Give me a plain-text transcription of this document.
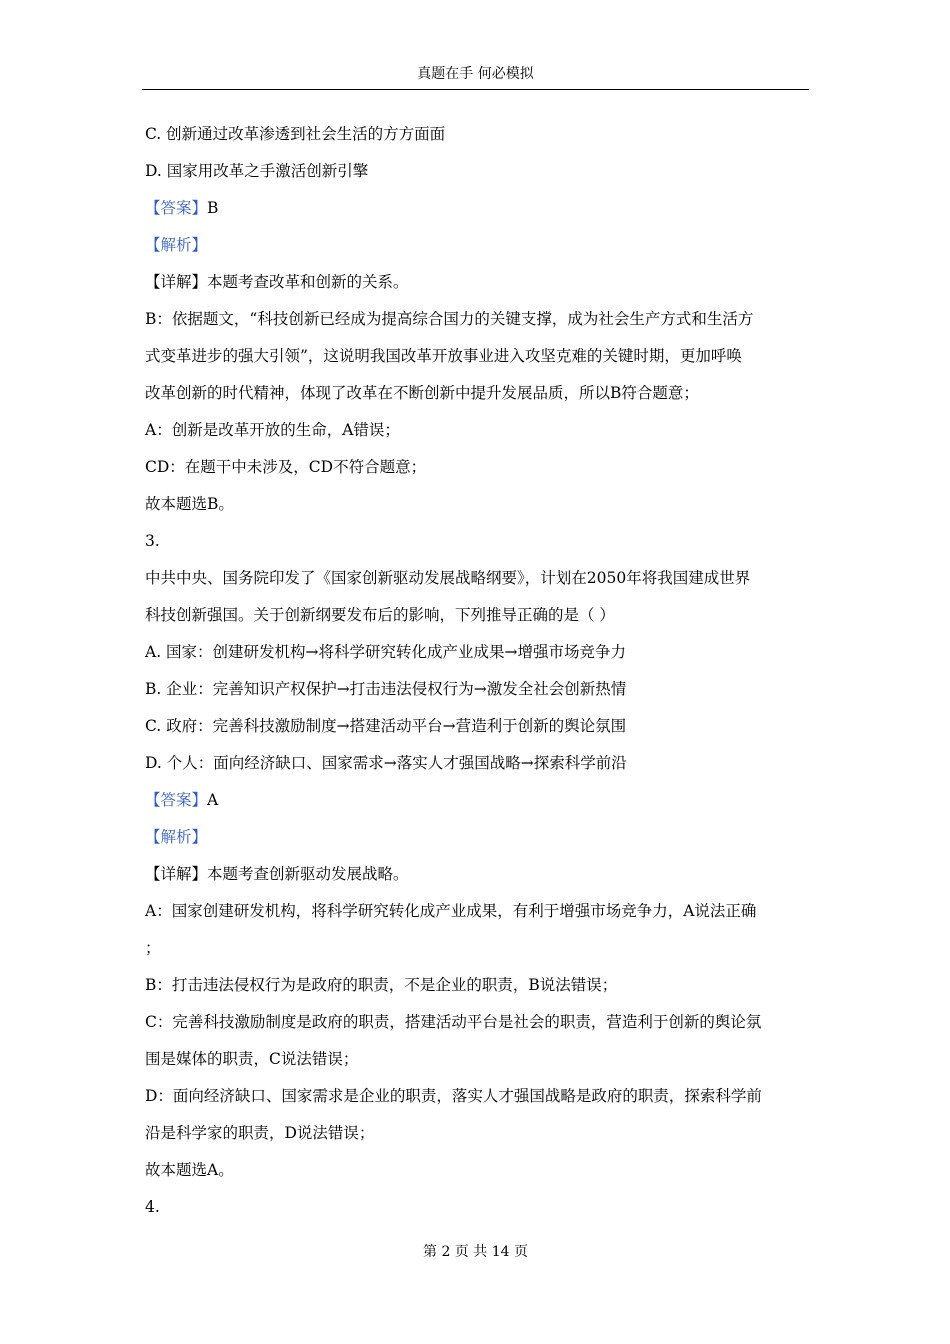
真题在手 何必模拟
C. 创新通过改革渗透到社会生活的方方面面
D. 国家用改革之手激活创新引擎
【答案】B
【解析】
【详解】本题考查改革和创新的关系。
B：依据题文，“科技创新已经成为提高综合国力的关键支撑，成为社会生产方式和生活方
式变革进步的强大引领”，这说明我国改革开放事业进入攻坚克难的关键时期，更加呼唤
改革创新的时代精神，体现了改革在不断创新中提升发展品质，所以B符合题意；
A：创新是改革开放的生命，A错误；
CD：在题干中未涉及，CD不符合题意；
故本题选B。
3.
中共中央、国务院印发了《国家创新驱动发展战略纲要》，计划在2050年将我国建成世界
科技创新强国。关于创新纲要发布后的影响，下列推导正确的是（ ）
A. 国家：创建研发机构→将科学研究转化成产业成果→增强市场竞争力
B. 企业：完善知识产权保护→打击违法侵权行为→激发全社会创新热情
C. 政府：完善科技激励制度→搭建活动平台→营造利于创新的舆论氛围
D. 个人：面向经济缺口、国家需求→落实人才强国战略→探索科学前沿
【答案】A
【解析】
【详解】本题考查创新驱动发展战略。
A：国家创建研发机构，将科学研究转化成产业成果，有利于增强市场竞争力，A说法正确
；
B：打击违法侵权行为是政府的职责，不是企业的职责，B说法错误；
C：完善科技激励制度是政府的职责，搭建活动平台是社会的职责，营造利于创新的舆论氛
围是媒体的职责，C说法错误；
D：面向经济缺口、国家需求是企业的职责，落实人才强国战略是政府的职责，探索科学前
沿是科学家的职责，D说法错误；
故本题选A。
4.
第 2 页 共 14 页
